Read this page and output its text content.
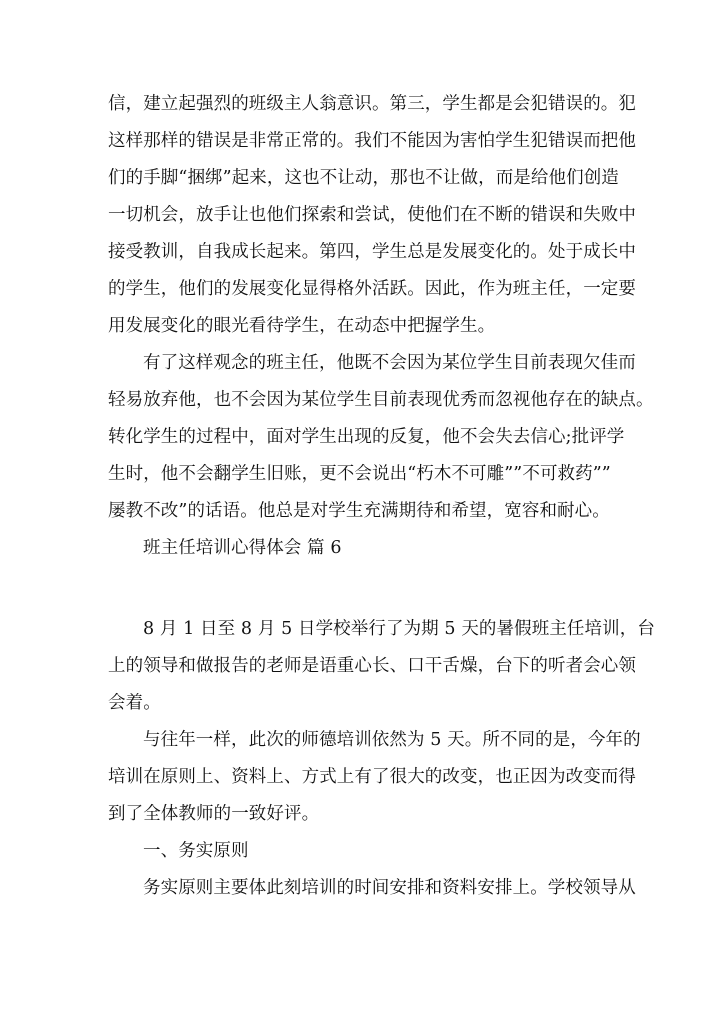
信，建立起强烈的班级主人翁意识。第三，学生都是会犯错误的。犯
这样那样的错误是非常正常的。我们不能因为害怕学生犯错误而把他
们的手脚“捆绑”起来，这也不让动，那也不让做，而是给他们创造
一切机会，放手让也他们探索和尝试，使他们在不断的错误和失败中
接受教训，自我成长起来。第四，学生总是发展变化的。处于成长中
的学生，他们的发展变化显得格外活跃。因此，作为班主任，一定要
用发展变化的眼光看待学生，在动态中把握学生。
有了这样观念的班主任，他既不会因为某位学生目前表现欠佳而
轻易放弃他，也不会因为某位学生目前表现优秀而忽视他存在的缺点。
转化学生的过程中，面对学生出现的反复，他不会失去信心;批评学
生时，他不会翻学生旧账，更不会说出“朽木不可雕””不可救药””
屡教不改”的话语。他总是对学生充满期待和希望，宽容和耐心。
班主任培训心得体会 篇 6
8 月 1 日至 8 月 5 日学校举行了为期 5 天的暑假班主任培训，台
上的领导和做报告的老师是语重心长、口干舌燥，台下的听者会心领
会着。
与往年一样，此次的师德培训依然为 5 天。所不同的是，今年的
培训在原则上、资料上、方式上有了很大的改变，也正因为改变而得
到了全体教师的一致好评。
一、务实原则
务实原则主要体此刻培训的时间安排和资料安排上。学校领导从
